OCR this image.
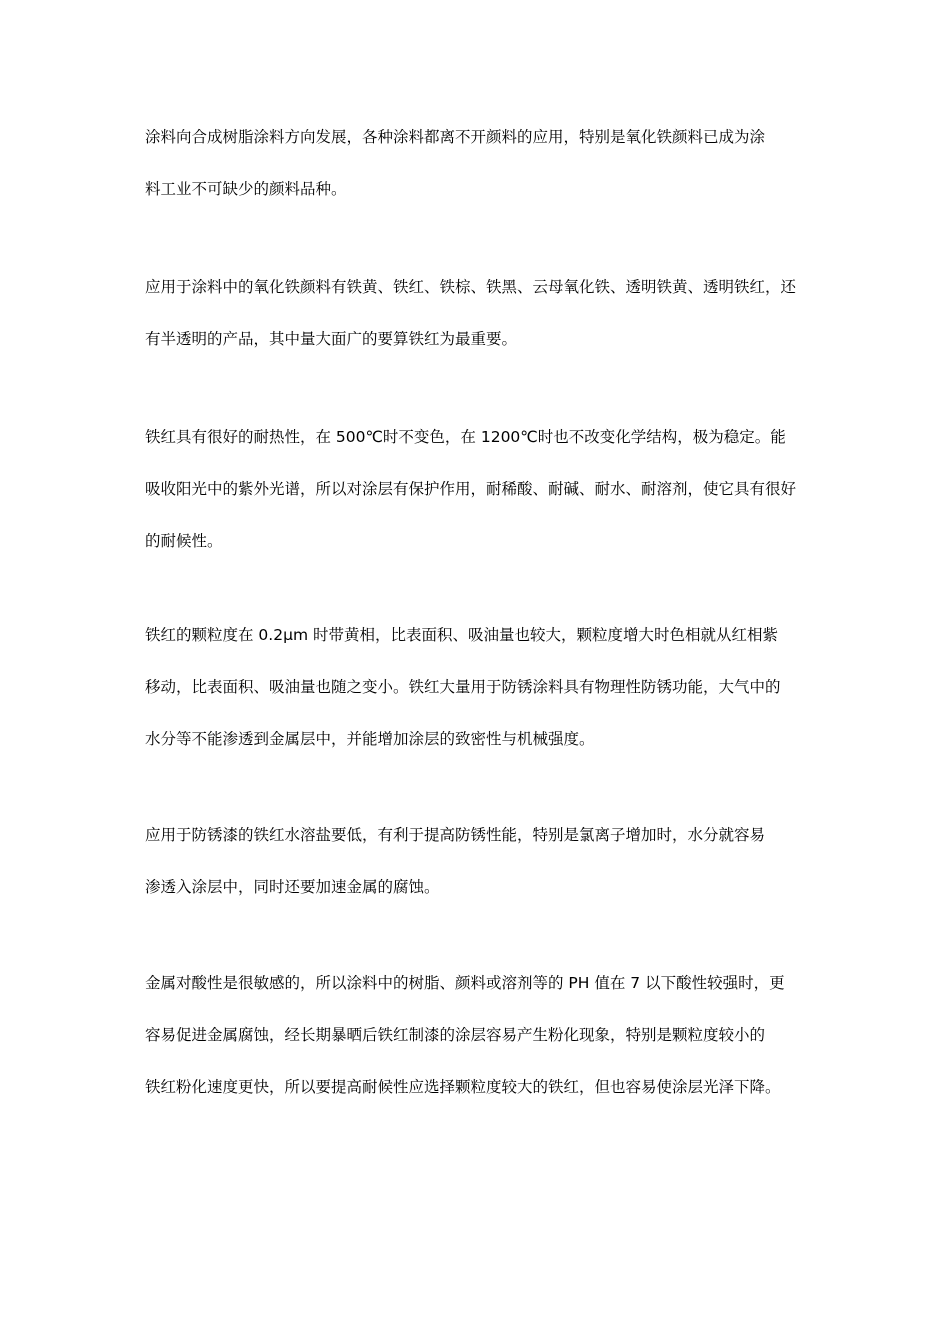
涂料向合成树脂涂料方向发展，各种涂料都离不开颜料的应用，特别是氧化铁颜料已成为涂
料工业不可缺少的颜料品种。
应用于涂料中的氧化铁颜料有铁黄、铁红、铁棕、铁黑、云母氧化铁、透明铁黄、透明铁红，还
有半透明的产品，其中量大面广的要算铁红为最重要。
铁红具有很好的耐热性，在 500℃时不变色，在 1200℃时也不改变化学结构，极为稳定。能
吸收阳光中的紫外光谱，所以对涂层有保护作用，耐稀酸、耐碱、耐水、耐溶剂，使它具有很好
的耐候性。
铁红的颗粒度在 0.2μm 时带黄相，比表面积、吸油量也较大，颗粒度增大时色相就从红相紫
移动，比表面积、吸油量也随之变小。铁红大量用于防锈涂料具有物理性防锈功能，大气中的
水分等不能渗透到金属层中，并能增加涂层的致密性与机械强度。
应用于防锈漆的铁红水溶盐要低，有利于提高防锈性能，特别是氯离子增加时，水分就容易
渗透入涂层中，同时还要加速金属的腐蚀。
金属对酸性是很敏感的，所以涂料中的树脂、颜料或溶剂等的 PH 值在 7 以下酸性较强时，更
容易促进金属腐蚀，经长期暴晒后铁红制漆的涂层容易产生粉化现象，特别是颗粒度较小的
铁红粉化速度更快，所以要提高耐候性应选择颗粒度较大的铁红，但也容易使涂层光泽下降。
